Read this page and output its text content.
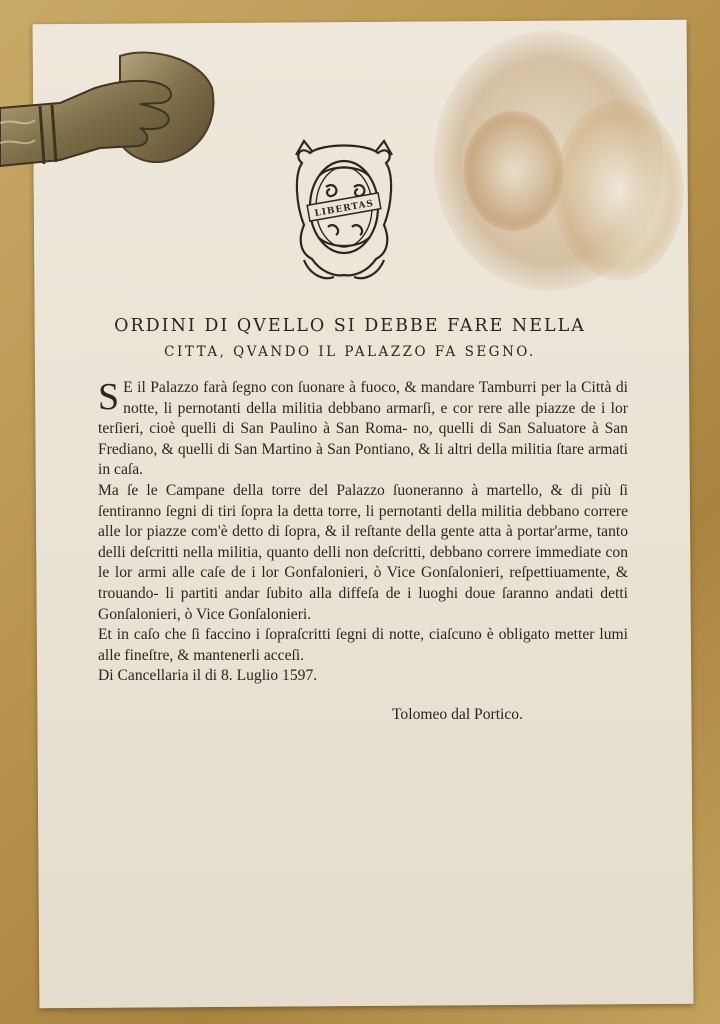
LIBERTAS
ORDINI DI QVELLO SI DEBBE FARE NELLA
CITTA, QVANDO IL PALAZZO FA SEGNO.

S E il Palazzo farà ſegno con ſuonare à fuoco, & mandare Tamburri per la Città di notte, li pernotanti della militia debbano armarſi, e cor rere alle piazze de i lor terſieri, cioè quelli di San Paulino à San Roma- no, quelli di San Saluatore à San Frediano, & quelli di San Martino à San Pontiano, & li altri della militia ſtare armati in caſa.

Ma ſe le Campane della torre del Palazzo ſuoneranno à martello, & di più ſi ſentiranno ſegni di tiri ſopra la detta torre, li pernotanti della militia debbano correre alle lor piazze com'è detto di ſopra, & il reſtante della gente atta à portar'arme, tanto delli deſcritti nella militia, quanto delli non deſcritti, debbano correre immediate con le lor armi alle caſe de i lor Gonfalonieri, ò Vice Gonſalonieri, reſpettiuamente, & trouando- li partiti andar ſubito alla diffeſa de i luoghi doue ſaranno andati detti Gonſalonieri, ò Vice Gonſalonieri.

Et in caſo che ſi faccino i ſopraſcritti ſegni di notte, ciaſcuno è obligato metter lumi alle fineſtre, & mantenerli acceſi.

Di Cancellaria il di 8. Luglio 1597.

Tolomeo dal Portico.
